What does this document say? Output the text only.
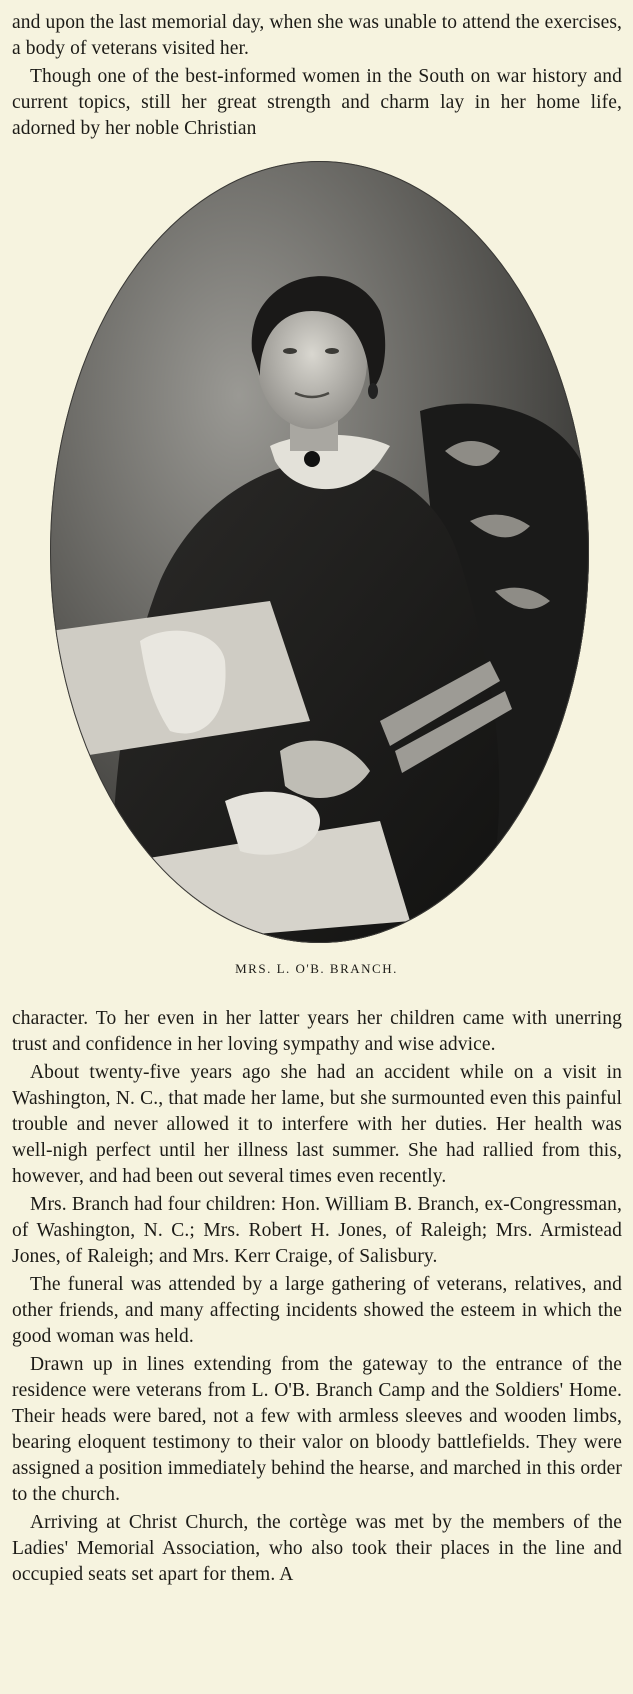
and upon the last memorial day, when she was unable to attend the exercises, a body of veterans visited her.

Though one of the best-informed women in the South on war history and current topics, still her great strength and charm lay in her home life, adorned by her noble Christian

MRS. L. O'B. BRANCH.

character. To her even in her latter years her children came with unerring trust and confidence in her loving sympathy and wise advice.

About twenty-five years ago she had an accident while on a visit in Washington, N. C., that made her lame, but she surmounted even this painful trouble and never allowed it to interfere with her duties. Her health was well-nigh perfect until her illness last summer. She had rallied from this, however, and had been out several times even recently.

Mrs. Branch had four children: Hon. William B. Branch, ex-Congressman, of Washington, N. C.; Mrs. Robert H. Jones, of Raleigh; Mrs. Armistead Jones, of Raleigh; and Mrs. Kerr Craige, of Salisbury.

The funeral was attended by a large gathering of veterans, relatives, and other friends, and many affecting incidents showed the esteem in which the good woman was held.

Drawn up in lines extending from the gateway to the entrance of the residence were veterans from L. O'B. Branch Camp and the Soldiers' Home. Their heads were bared, not a few with armless sleeves and wooden limbs, bearing eloquent testimony to their valor on bloody battlefields. They were assigned a position immediately behind the hearse, and marched in this order to the church.

Arriving at Christ Church, the cortège was met by the members of the Ladies' Memorial Association, who also took their places in the line and occupied seats set apart for them. A
